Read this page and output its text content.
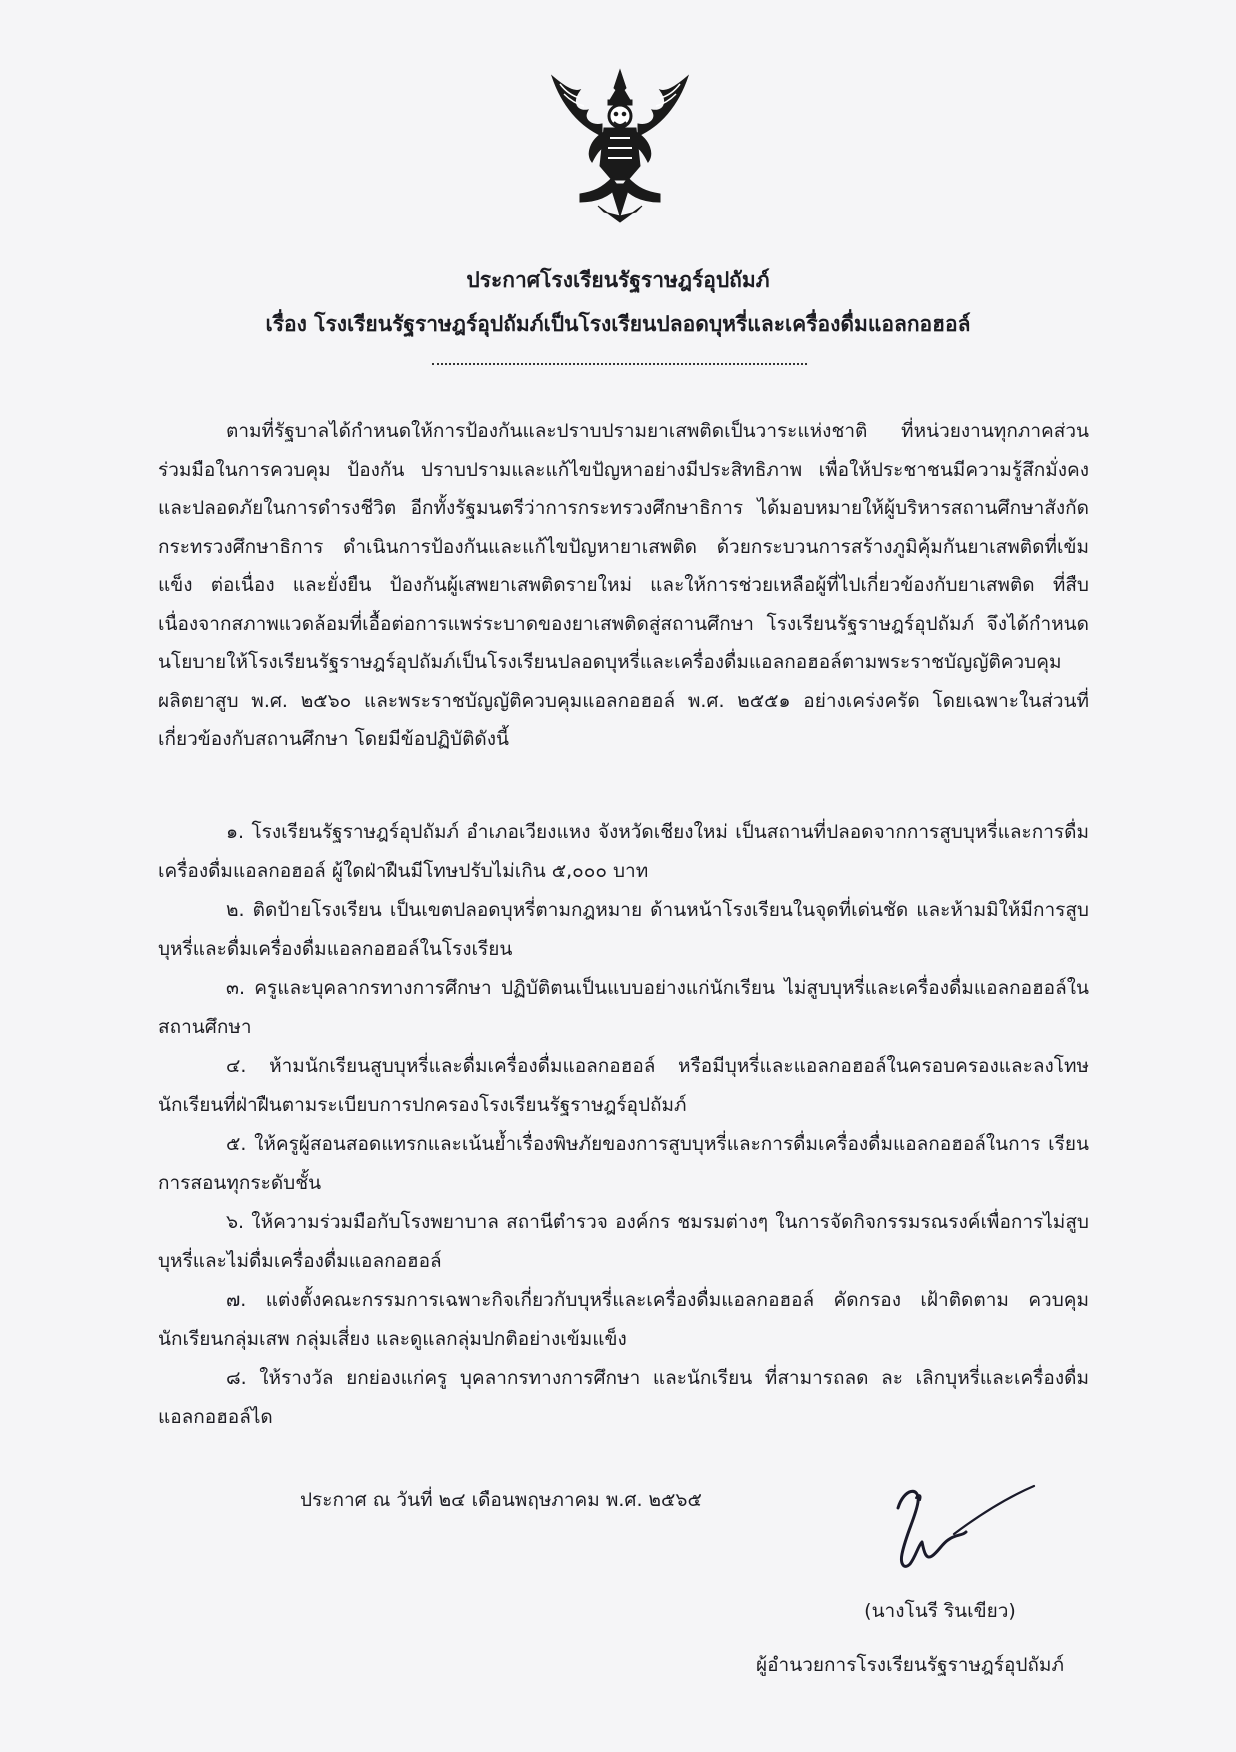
ประกาศโรงเรียนรัฐราษฎร์อุปถัมภ์
เรื่อง โรงเรียนรัฐราษฎร์อุปถัมภ์เป็นโรงเรียนปลอดบุหรี่และเครื่องดื่มแอลกอฮอล์

ตามที่รัฐบาลได้กำหนดให้การป้องกันและปราบปรามยาเสพติดเป็นวาระแห่งชาติ ที่หน่วยงานทุกภาคส่วนร่วมมือในการควบคุม ป้องกัน ปราบปรามและแก้ไขปัญหาอย่างมีประสิทธิภาพ เพื่อให้ประชาชนมีความรู้สึกมั่งคง และปลอดภัยในการดำรงชีวิต อีกทั้งรัฐมนตรีว่าการกระทรวงศึกษาธิการ ได้มอบหมายให้ผู้บริหารสถานศึกษาสังกัดกระทรวงศึกษาธิการ ดำเนินการป้องกันและแก้ไขปัญหายาเสพติด ด้วยกระบวนการสร้างภูมิคุ้มกันยาเสพติดที่เข้มแข็ง ต่อเนื่อง และยั่งยืน ป้องกันผู้เสพยาเสพติดรายใหม่ และให้การช่วยเหลือผู้ที่ไปเกี่ยวข้องกับยาเสพติด ที่สืบเนื่องจากสภาพแวดล้อมที่เอื้อต่อการแพร่ระบาดของยาเสพติดสู่สถานศึกษา โรงเรียนรัฐราษฎร์อุปถัมภ์ จึงได้กำหนดนโยบายให้โรงเรียนรัฐราษฎร์อุปถัมภ์เป็นโรงเรียนปลอดบุหรี่และเครื่องดื่มแอลกอฮอล์ตามพระราชบัญญัติควบคุมผลิตยาสูบ พ.ศ. ๒๕๖๐ และพระราชบัญญัติควบคุมแอลกอฮอล์ พ.ศ. ๒๕๕๑ อย่างเคร่งครัด โดยเฉพาะในส่วนที่เกี่ยวข้องกับสถานศึกษา โดยมีข้อปฏิบัติดังนี้

๑. โรงเรียนรัฐราษฎร์อุปถัมภ์ อำเภอเวียงแหง จังหวัดเชียงใหม่ เป็นสถานที่ปลอดจากการสูบบุหรี่และการดื่ม เครื่องดื่มแอลกอฮอล์ ผู้ใดฝ่าฝืนมีโทษปรับไม่เกิน ๕,๐๐๐ บาท

๒. ติดป้ายโรงเรียน เป็นเขตปลอดบุหรี่ตามกฎหมาย ด้านหน้าโรงเรียนในจุดที่เด่นชัด และห้ามมิให้มีการสูบบุหรี่และดื่มเครื่องดื่มแอลกอฮอล์ในโรงเรียน

๓. ครูและบุคลากรทางการศึกษา ปฏิบัติตนเป็นแบบอย่างแก่นักเรียน ไม่สูบบุหรี่และเครื่องดื่มแอลกอฮอล์ในสถานศึกษา

๔. ห้ามนักเรียนสูบบุหรี่และดื่มเครื่องดื่มแอลกอฮอล์ หรือมีบุหรี่และแอลกอฮอล์ในครอบครองและลงโทษนักเรียนที่ฝ่าฝืนตามระเบียบการปกครองโรงเรียนรัฐราษฎร์อุปถัมภ์

๕. ให้ครูผู้สอนสอดแทรกและเน้นย้ำเรื่องพิษภัยของการสูบบุหรี่และการดื่มเครื่องดื่มแอลกอฮอล์ในการ เรียนการสอนทุกระดับชั้น

๖. ให้ความร่วมมือกับโรงพยาบาล สถานีตำรวจ องค์กร ชมรมต่างๆ ในการจัดกิจกรรมรณรงค์เพื่อการไม่สูบบุหรี่และไม่ดื่มเครื่องดื่มแอลกอฮอล์

๗. แต่งตั้งคณะกรรมการเฉพาะกิจเกี่ยวกับบุหรี่และเครื่องดื่มแอลกอฮอล์ คัดกรอง เฝ้าติดตาม ควบคุม นักเรียนกลุ่มเสพ กลุ่มเสี่ยง และดูแลกลุ่มปกติอย่างเข้มแข็ง

๘. ให้รางวัล ยกย่องแก่ครู บุคลากรทางการศึกษา และนักเรียน ที่สามารถลด ละ เลิกบุหรี่และเครื่องดื่ม แอลกอฮอล์ได

ประกาศ ณ วันที่ ๒๔ เดือนพฤษภาคม พ.ศ. ๒๕๖๕
(นางโนรี รินเขียว)
ผู้อำนวยการโรงเรียนรัฐราษฎร์อุปถัมภ์
